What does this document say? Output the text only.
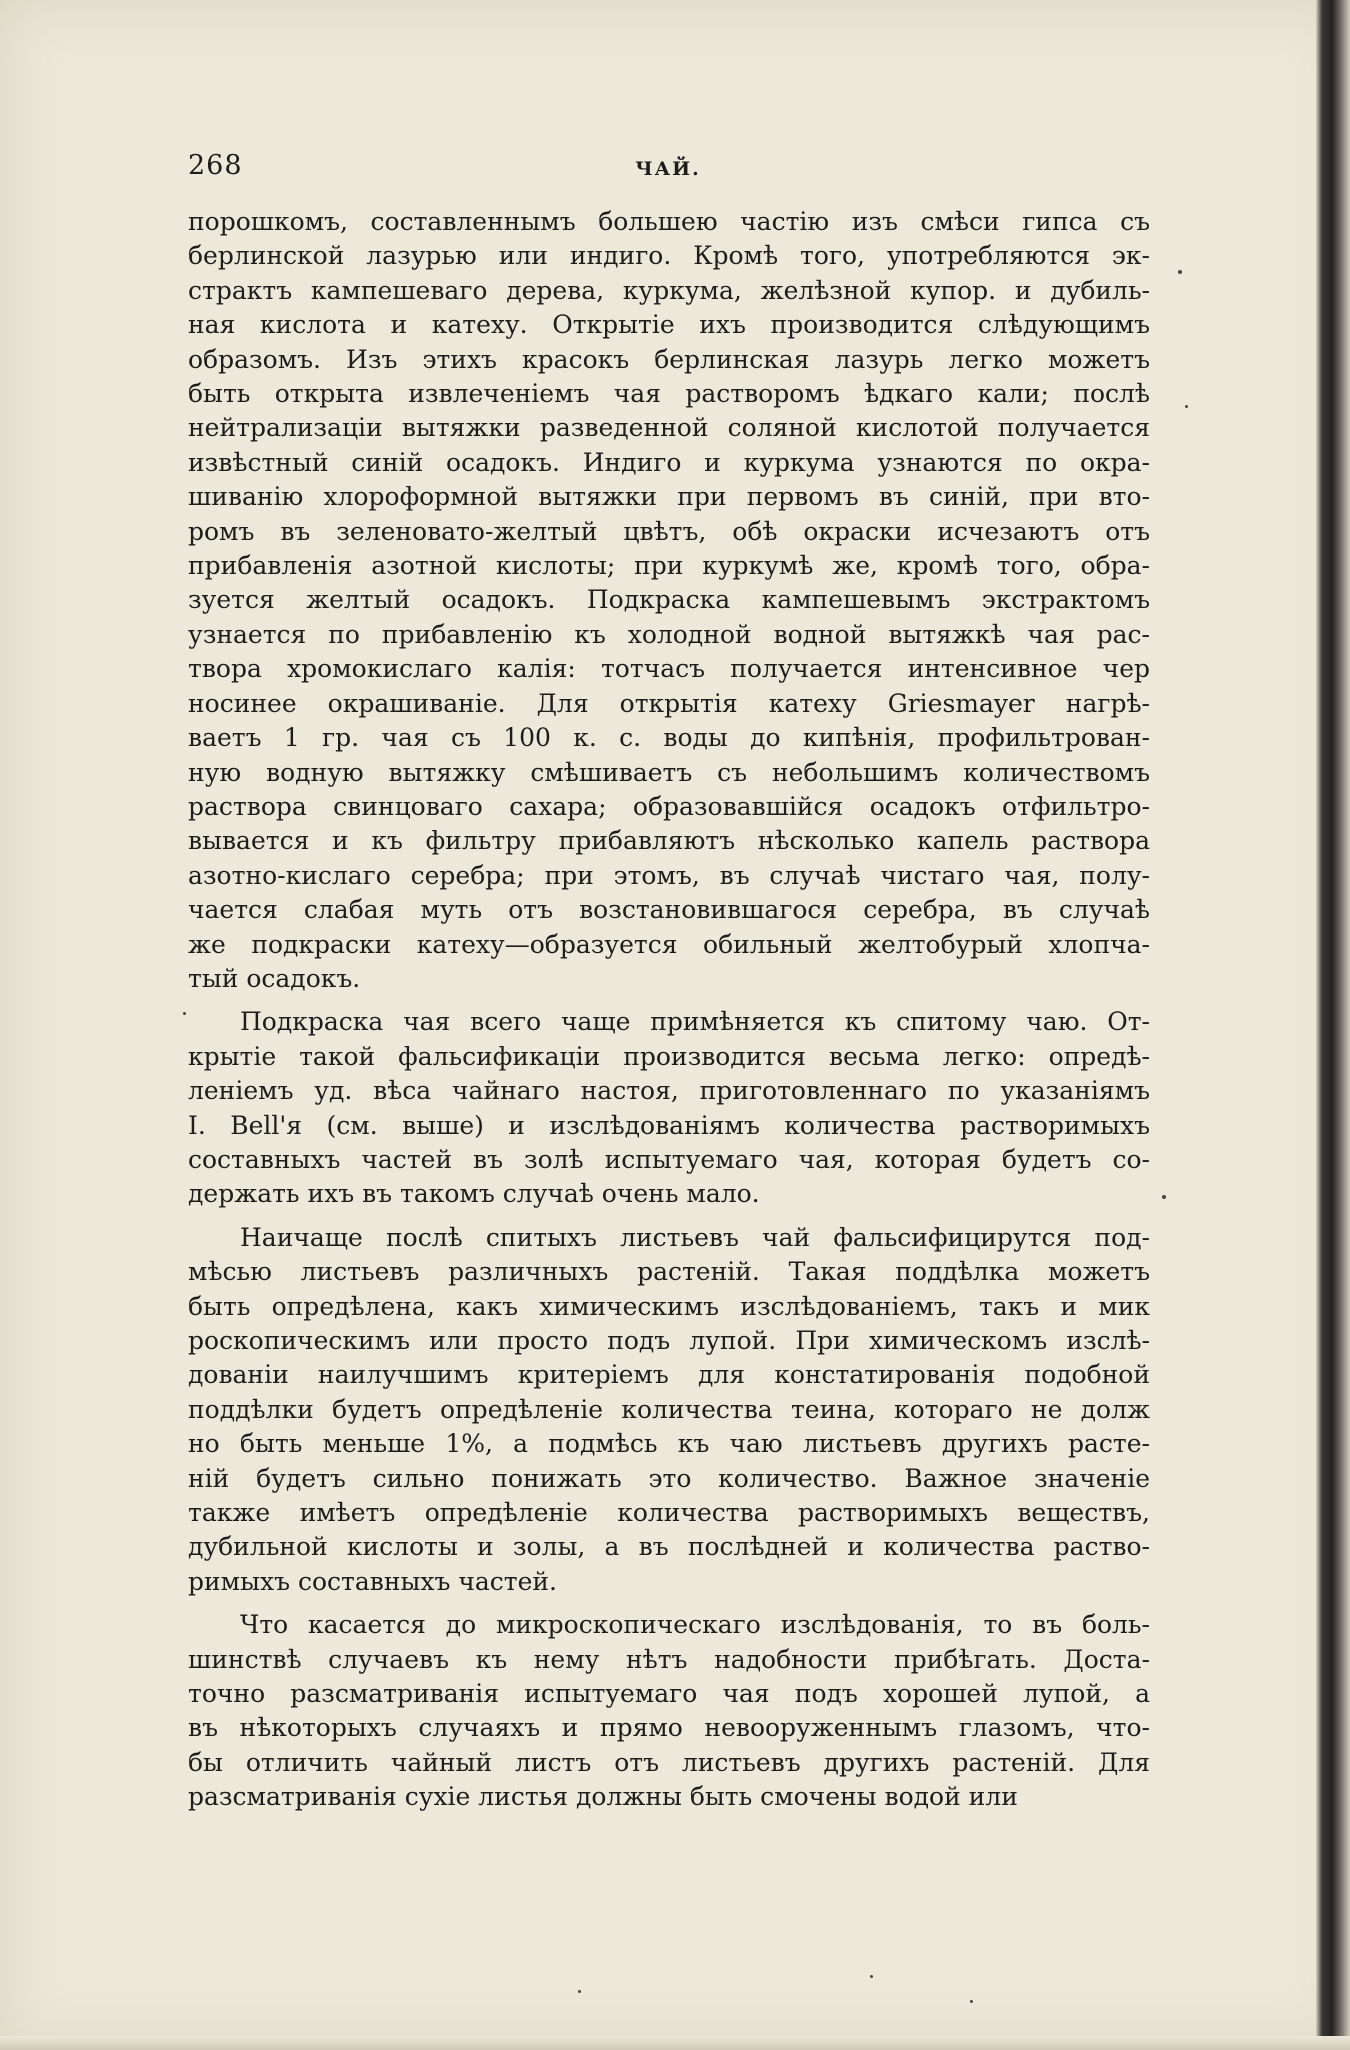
268	ЧАЙ.
порошкомъ, составленнымъ большею частію изъ смѣси гипса съ
берлинской лазурью или индиго. Кромѣ того, употребляются эк-
страктъ кампешеваго дерева, куркума, желѣзной купор. и дубиль-
ная кислота и катеху. Открытіе ихъ производится слѣдующимъ
образомъ. Изъ этихъ красокъ берлинская лазурь легко можетъ
быть открыта извлеченіемъ чая растворомъ ѣдкаго кали; послѣ
нейтрализаціи вытяжки разведенной соляной кислотой получается
извѣстный синій осадокъ. Индиго и куркума узнаются по окра-
шиванію хлороформной вытяжки при первомъ въ синій, при вто-
ромъ въ зеленовато-желтый цвѣтъ, обѣ окраски исчезаютъ отъ
прибавленія азотной кислоты; при куркумѣ же, кромѣ того, обра-
зуется желтый осадокъ. Подкраска кампешевымъ экстрактомъ
узнается по прибавленію къ холодной водной вытяжкѣ чая рас-
твора хромокислаго калія: тотчасъ получается интенсивное чер
носинее окрашиваніе. Для открытія катеху Griesmayer нагрѣ-
ваетъ 1 гр. чая съ 100 к. с. воды до кипѣнія, профильтрован-
ную водную вытяжку смѣшиваетъ съ небольшимъ количествомъ
раствора свинцоваго сахара; образовавшійся осадокъ отфильтро-
вывается и къ фильтру прибавляютъ нѣсколько капель раствора
азотно-кислаго серебра; при этомъ, въ случаѣ чистаго чая, полу-
чается слабая муть отъ возстановившагося серебра, въ случаѣ
же подкраски катеху—образуется обильный желтобурый хлопча-
тый осадокъ.
Подкраска чая всего чаще примѣняется къ спитому чаю. От-
крытіе такой фальсификаціи производится весьма легко: опредѣ-
леніемъ уд. вѣса чайнаго настоя, приготовленнаго по указаніямъ
I. Bell'я (см. выше) и изслѣдованіямъ количества растворимыхъ
составныхъ частей въ золѣ испытуемаго чая, которая будетъ со-
держать ихъ въ такомъ случаѣ очень мало.
Наичаще послѣ спитыхъ листьевъ чай фальсифицирутся под-
мѣсью листьевъ различныхъ растеній. Такая поддѣлка можетъ
быть опредѣлена, какъ химическимъ изслѣдованіемъ, такъ и мик
роскопическимъ или просто подъ лупой. При химическомъ изслѣ-
дованіи наилучшимъ критеріемъ для констатированія подобной
поддѣлки будетъ опредѣленіе количества теина, котораго не долж
но быть меньше 1%, а подмѣсь къ чаю листьевъ другихъ расте-
ній будетъ сильно понижать это количество. Важное значеніе
также имѣетъ опредѣленіе количества растворимыхъ веществъ,
дубильной кислоты и золы, а въ послѣдней и количества раство-
римыхъ составныхъ частей.
Что касается до микроскопическаго изслѣдованія, то въ боль-
шинствѣ случаевъ къ нему нѣтъ надобности прибѣгать. Доста-
точно разсматриванія испытуемаго чая подъ хорошей лупой, а
въ нѣкоторыхъ случаяхъ и прямо невооруженнымъ глазомъ, что-
бы отличить чайный листъ отъ листьевъ другихъ растеній. Для
разсматриванія сухіе листья должны быть смочены водой или
